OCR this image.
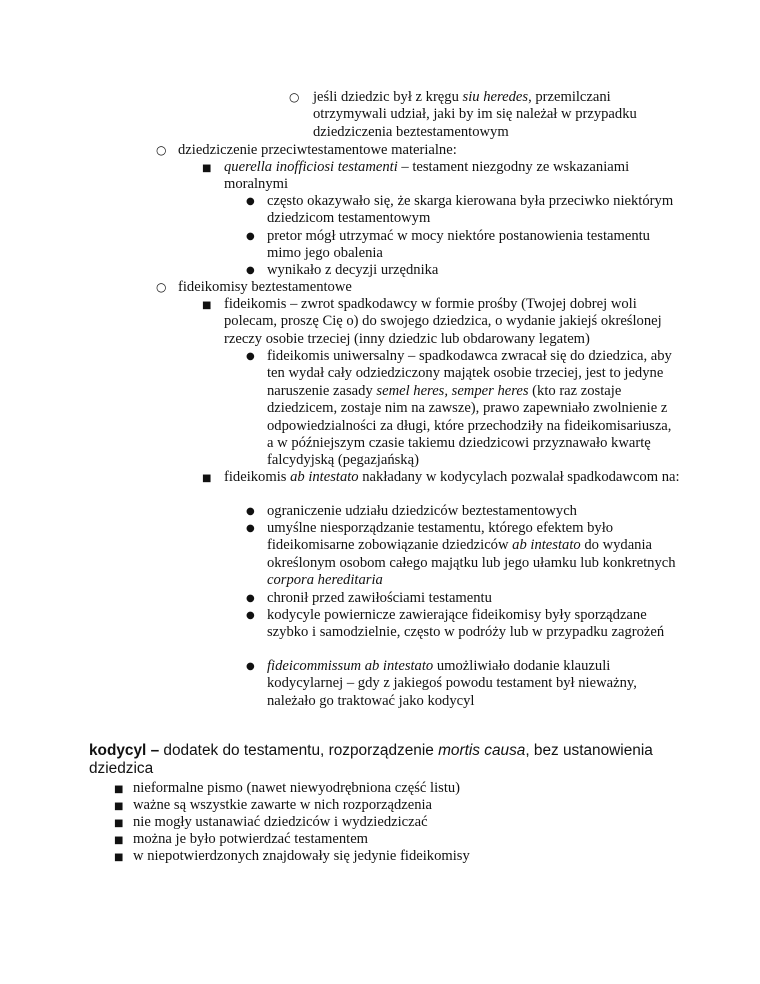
○ jeśli dziedzic był z kręgu siu heredes, przemilczani otrzymywali udział, jaki by im się należał w przypadku dziedziczenia beztestamentowym
○ dziedziczenie przeciwtestamentowe materialne:
■ querella inofficiosi testamenti – testament niezgodny ze wskazaniami moralnymi
● często okazywało się, że skarga kierowana była przeciwko niektórym dziedzicom testamentowym
● pretor mógł utrzymać w mocy niektóre postanowienia testamentu mimo jego obalenia
● wynikało z decyzji urzędnika
○ fideikomisy beztestamentowe
■ fideikomis – zwrot spadkodawcy w formie prośby (Twojej dobrej woli polecam, proszę Cię o) do swojego dziedzica, o wydanie jakiejś określonej rzeczy osobie trzeciej (inny dziedzic lub obdarowany legatem)
● fideikomis uniwersalny – spadkodawca zwracał się do dziedzica, aby ten wydał cały odziedziczony majątek osobie trzeciej, jest to jedyne naruszenie zasady semel heres, semper heres (kto raz zostaje dziedzicem, zostaje nim na zawsze), prawo zapewniało zwolnienie z odpowiedzialności za długi, które przechodziły na fideikomisariusza, a w późniejszym czasie takiemu dziedzicowi przyznawało kwartę falcydyjską (pegazjańską)
■ fideikomis ab intestato nakładany w kodycylach pozwalał spadkodawcom na:
● ograniczenie udziału dziedziców beztestamentowych
● umyślne niesporządzanie testamentu, którego efektem było fideikomisarne zobowiązanie dziedziców ab intestato do wydania określonym osobom całego majątku lub jego ułamku lub konkretnych corpora hereditaria
● chronił przed zawiłościami testamentu
● kodycyle powiernicze zawierające fideikomisy były sporządzane szybko i samodzielnie, często w podróży lub w przypadku zagrożeń
● fideicommissum ab intestato umożliwiało dodanie klauzuli kodycylarnej – gdy z jakiegoś powodu testament był nieważny, należało go traktować jako kodycyl
kodycyl – dodatek do testamentu, rozporządzenie mortis causa, bez ustanowienia dziedzica
■ nieformalne pismo (nawet niewyodrębniona część listu)
■ ważne są wszystkie zawarte w nich rozporządzenia
■ nie mogły ustanawiać dziedziców i wydziedziczać
■ można je było potwierdzać testamentem
■ w niepotwierdzonych znajdowały się jedynie fideikomisy
